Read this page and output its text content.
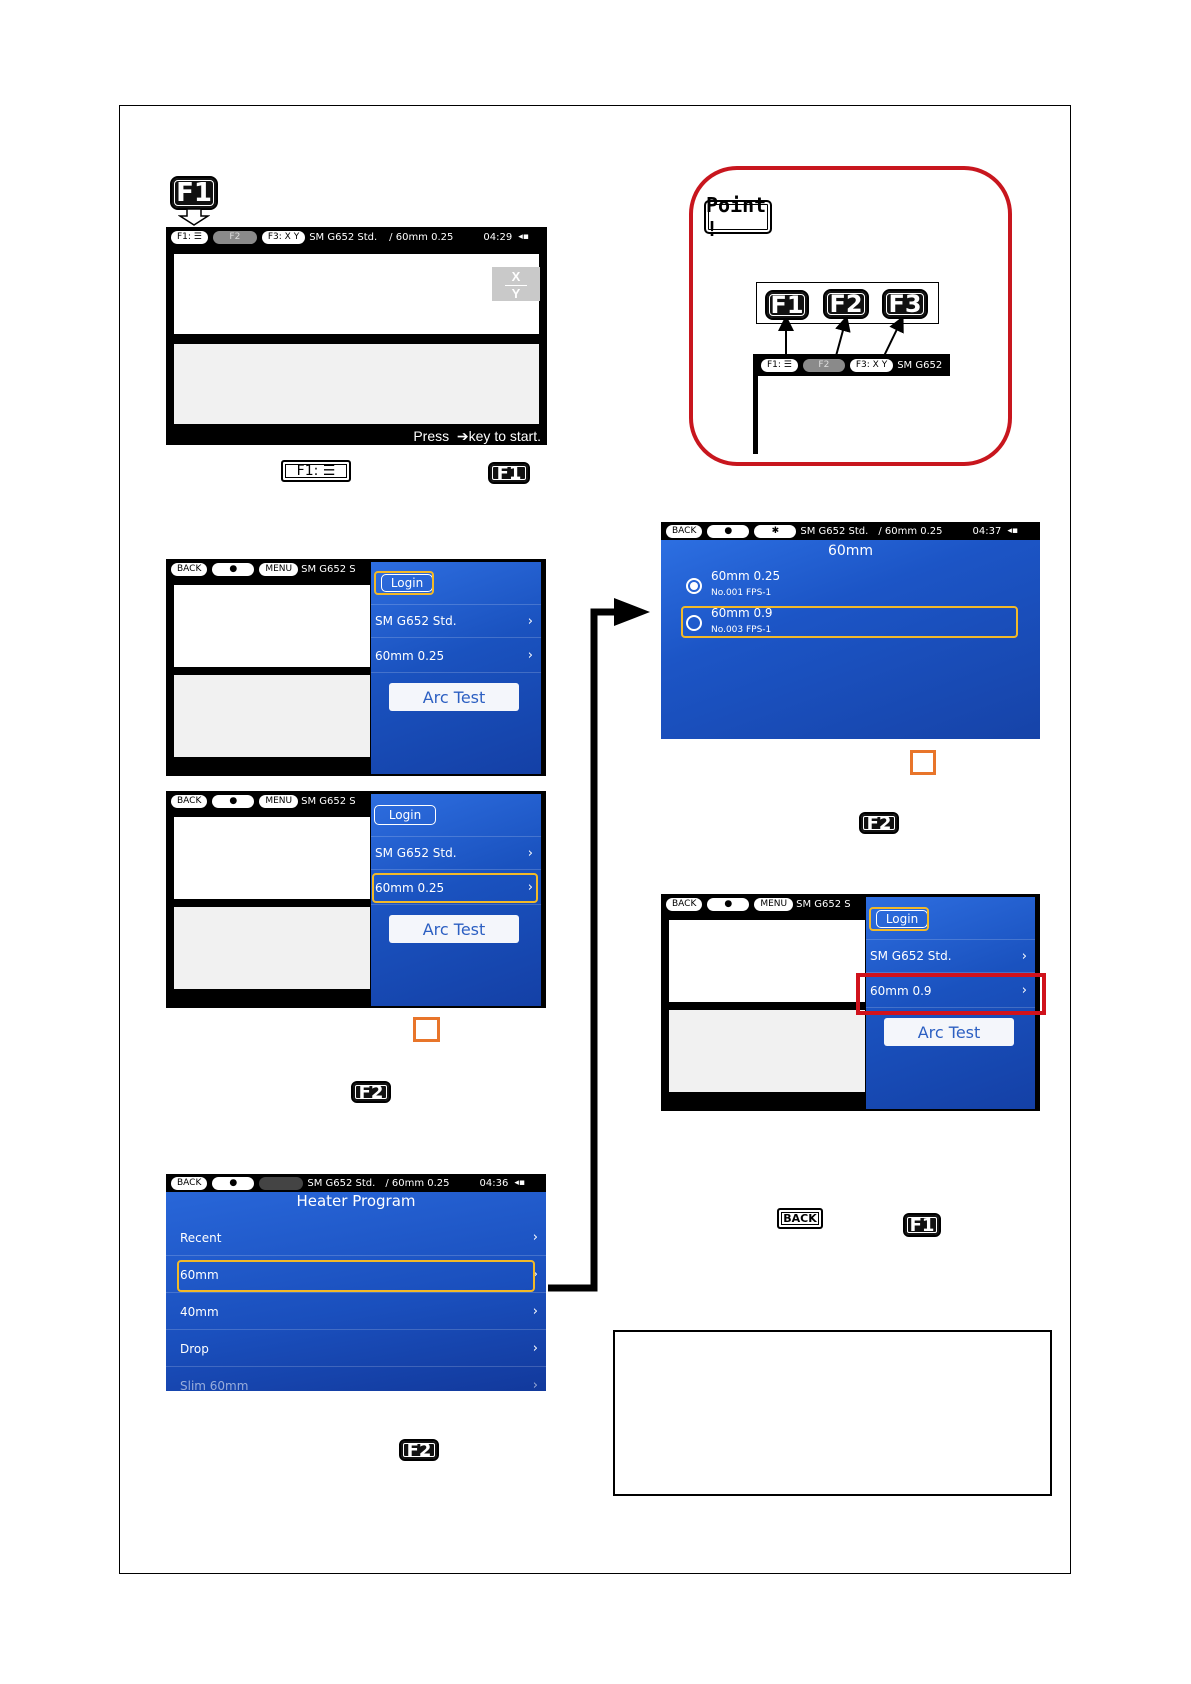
F1
F1: ☰	F2	F3: X Y	SM G652 Std. / 60mm 0.25	04:29 ◂▪
X
Y
Press  ➔key to start.
F1: ☰	F1
Point !
F1 F2 F3
F1: ☰	F2	F3: X Y	SM G652
BACK	●	MENU SM G652 S
Login
SM G652 Std.	›
60mm 0.25	›
Arc Test
BACK	●	MENU SM G652 S
Login
SM G652 Std.	›
60mm 0.25	›
Arc Test
F2
BACK	●	SM G652 Std. / 60mm 0.25	04:36 ◂▪
Heater Program
Recent	›
60mm	›
40mm	›
Drop	›
Slim 60mm	›
F2
BACK	●	✱	SM G652 Std. / 60mm 0.25	04:37 ◂▪
60mm
60mm 0.25
No.001 FPS-1
60mm 0.9
No.003 FPS-1
F2
BACK	●	MENU SM G652 S
Login
SM G652 Std.	›
60mm 0.9	›
Arc Test
BACK	F1
